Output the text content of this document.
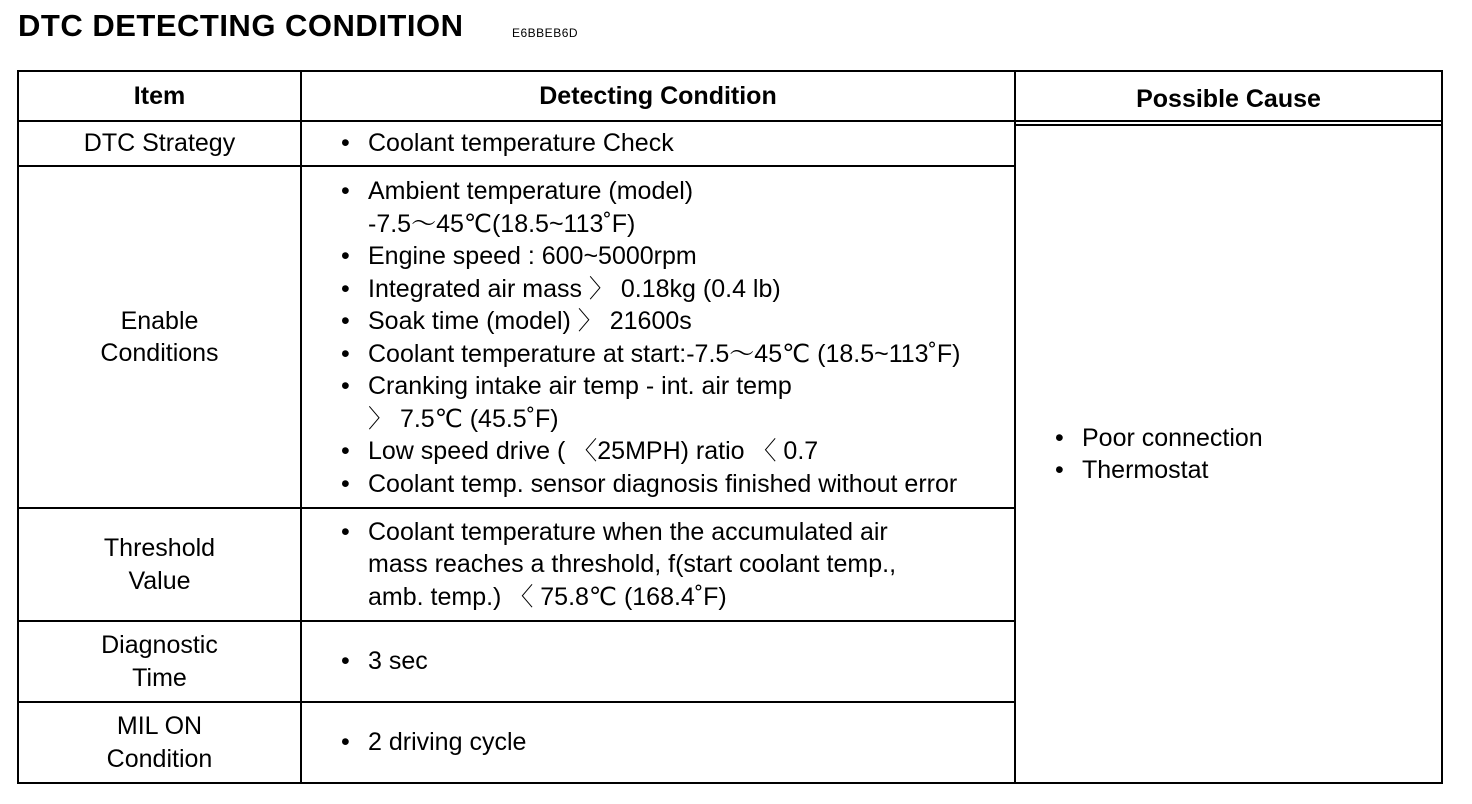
DTC DETECTING CONDITION	E6BBEB6D
Item	Detecting Condition	Possible Cause
DTC Strategy
•	Coolant temperature Check
Enable
Conditions
• Ambient temperature (model)
-7.5～45℃(18.5~113˚F)
• Engine speed : 600~5000rpm
• Integrated air mass 〉 0.18kg (0.4 lb)
• Soak time (model) 〉 21600s
• Coolant temperature at start:-7.5～45℃ (18.5~113˚F)
• Cranking intake air temp - int. air temp
〉 7.5℃ (45.5˚F)
• Low speed drive ( 〈25MPH) ratio 〈 0.7
• Coolant temp. sensor diagnosis finished without error
Threshold
Value
• Coolant temperature when the accumulated air
mass reaches a threshold, f(start coolant temp.,
amb. temp.) 〈 75.8℃ (168.4˚F)
Diagnostic
Time
• 3 sec
MIL ON
Condition
• 2 driving cycle
• Poor connection
• Thermostat
